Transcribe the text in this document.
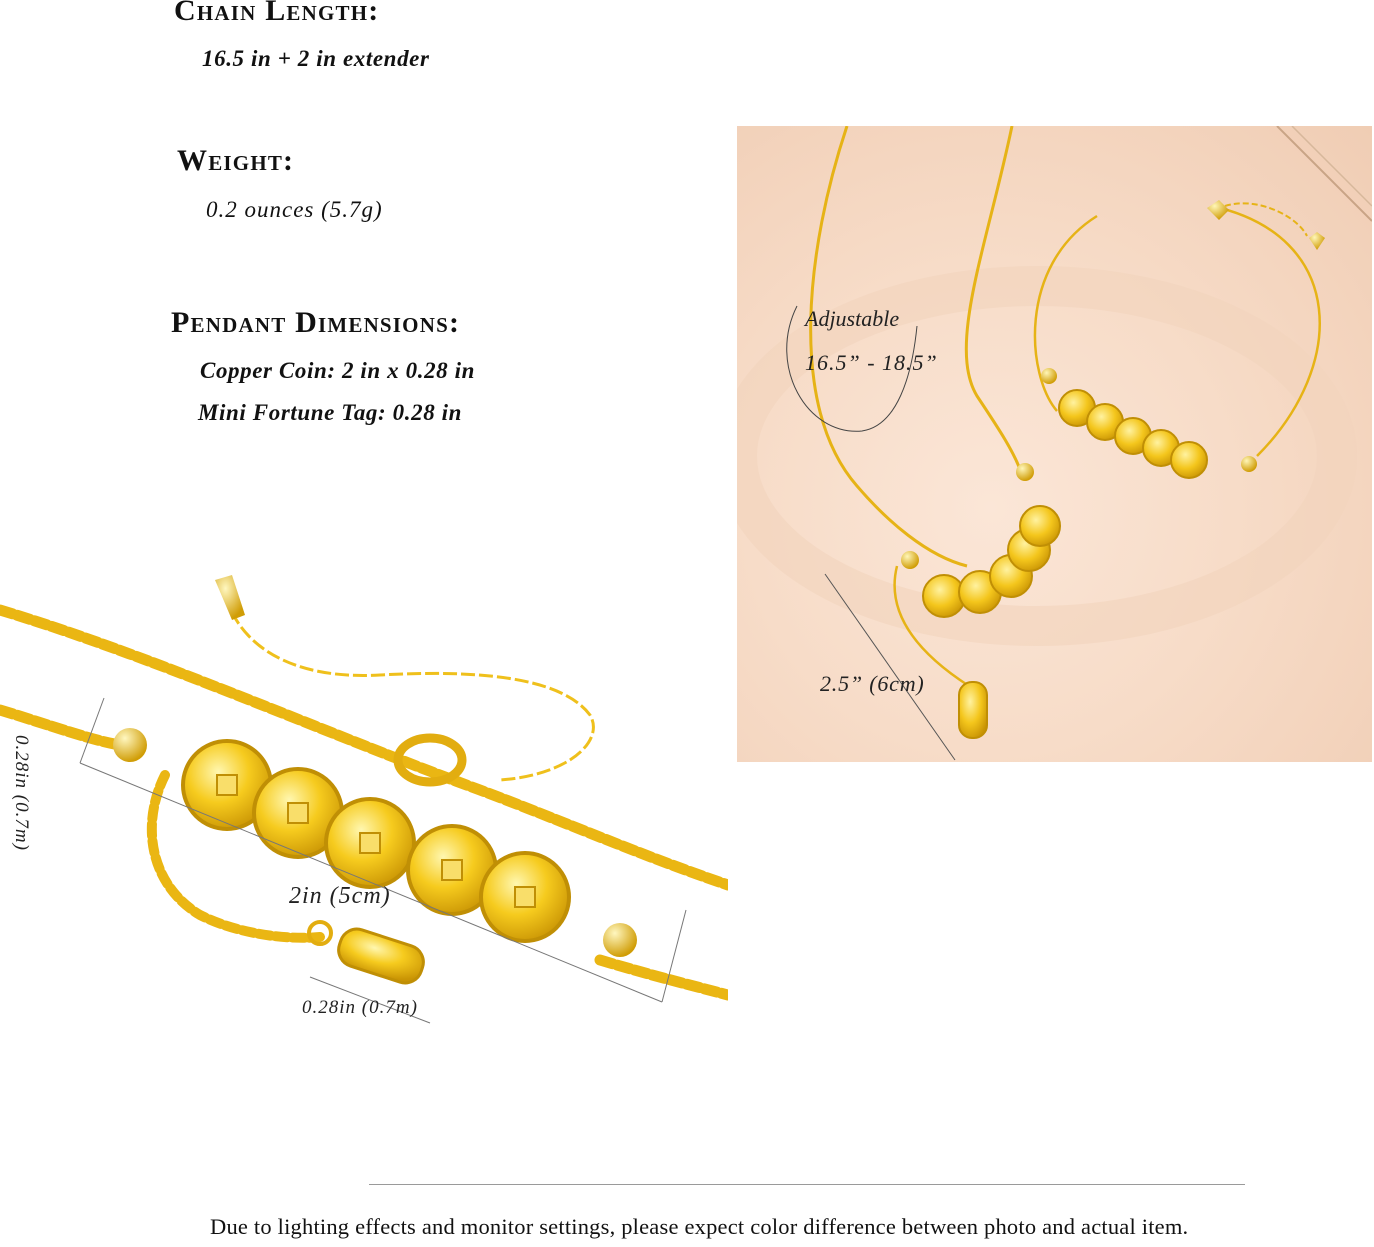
Chain Length:
16.5 in + 2 in extender
Weight:
0.2 ounces (5.7g)
Pendant Dimensions:
Copper Coin: 2 in x 0.28 in
Mini Fortune Tag: 0.28 in
Adjustable
16.5” - 18.5”
2.5” (6cm)
0.28in (0.7m)
2in (5cm)
0.28in (0.7m)
Due to lighting effects and monitor settings, please expect color difference between photo and actual item.
